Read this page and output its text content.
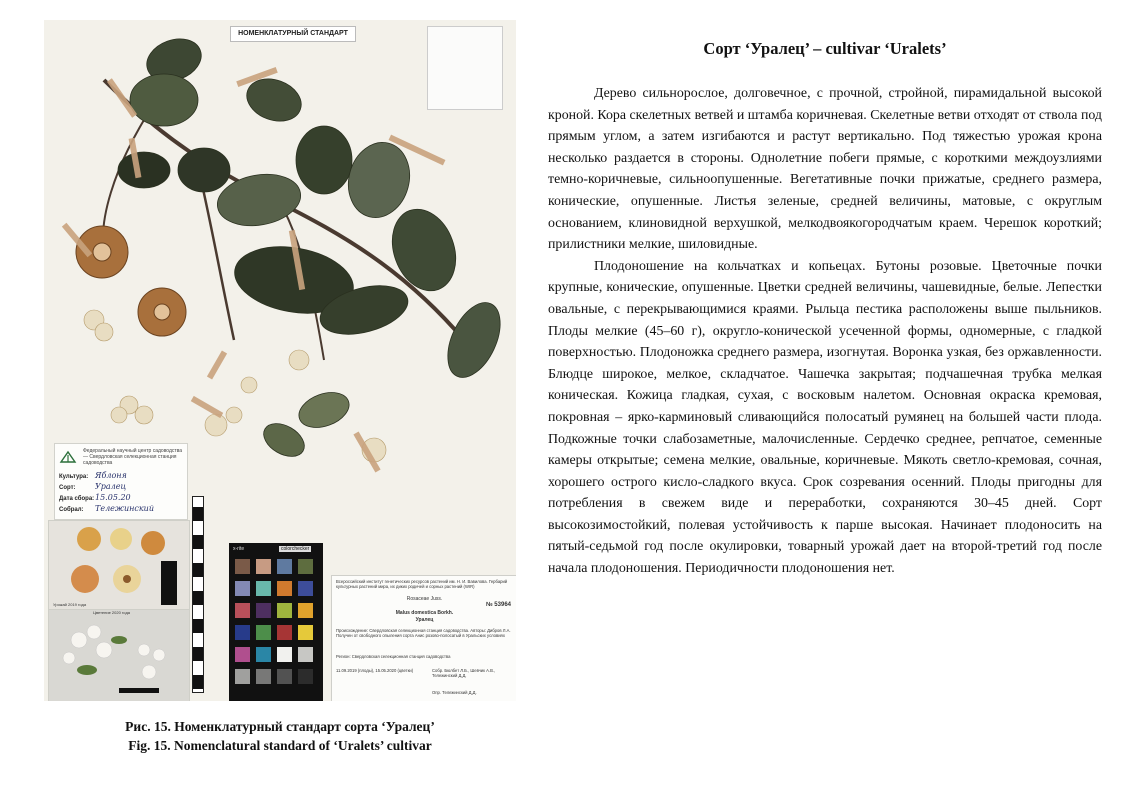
НОМЕНКЛАТУРНЫЙ СТАНДАРТ
Федеральный научный центр садоводства — Свердловская селекционная станция садоводства
Культура: Яблоня
Сорт: Уралец
Дата сбора: 15.05.20
Собрал: Тележинский
Урожай 2019 года
Цветение 2020 года
x-rite	colorchecker
Всероссийский институт генетических ресурсов растений им. Н. И. Вавилова. Гербарий культурных растений мира, их диких родичей и сорных растений (WIR)
Rosaceae Juss.
№ 53964
Malus domestica Borkh.
Уралец
Происхождение: Свердловская селекционная станция садоводства. Авторы: Дибров Л.А. Получен от свободного опыления сорта Анис розово-полосатый в Уральских условиях
Регион: Свердловская селекционная станция садоводства
11.09.2019 (плоды), 15.05.2020 (цветки)	Собр. Бюлбет Л.Б., Шевчик А.В., Тележинский Д.Д.
Опр. Тележинский Д.Д.
Рис. 15. Номенклатурный стандарт сорта ‘Уралец’
Fig. 15. Nomenclatural standard of ‘Uralets’ cultivar
Сорт ‘Уралец’ – cultivar ‘Uralets’

Дерево сильнорослое, долговечное, с прочной, стройной, пирамидальной высокой кроной. Кора скелетных ветвей и штамба коричневая. Скелетные ветви отходят от ствола под прямым углом, а затем изгибаются и растут вертикально. Под тяжестью урожая крона несколько раздается в стороны. Однолетние побеги прямые, с короткими междоузлиями темно-коричневые, сильноопушенные. Вегетативные почки прижатые, среднего размера, конические, опушенные. Листья зеленые, средней величины, матовые, с округлым основанием, клиновидной верхушкой, мелкодвоякогородчатым краем. Черешок короткий; прилистники мелкие, шиловидные.

Плодоношение на кольчатках и копьецах. Бутоны розовые. Цветочные почки крупные, конические, опушенные. Цветки средней величины, чашевидные, белые. Лепестки овальные, с перекрывающимися краями. Рыльца пестика расположены выше пыльников. Плоды мелкие (45–60 г), округло-конической усеченной формы, одномерные, с гладкой поверхностью. Плодоножка среднего размера, изогнутая. Воронка узкая, без оржавленности. Блюдце широкое, мелкое, складчатое. Чашечка закрытая; подчашечная трубка мелкая коническая. Кожица гладкая, сухая, с восковым налетом. Основная окраска кремовая, покровная – ярко-карминовый сливающийся полосатый румянец на большей части плода. Подкожные точки слабозаметные, малочисленные. Сердечко среднее, репчатое, семенные камеры открытые; семена мелкие, овальные, коричневые. Мякоть светло-кремовая, сочная, хорошего острого кисло-сладкого вкуса. Срок созревания осенний. Плоды пригодны для потребления в свежем виде и переработки, сохраняются 30–45 дней. Сорт высокозимостойкий, полевая устойчивость к парше высокая. Начинает плодоносить на пятый-седьмой год после окулировки, товарный урожай дает на второй-третий год после начала плодоношения. Периодичности плодоношения нет.
